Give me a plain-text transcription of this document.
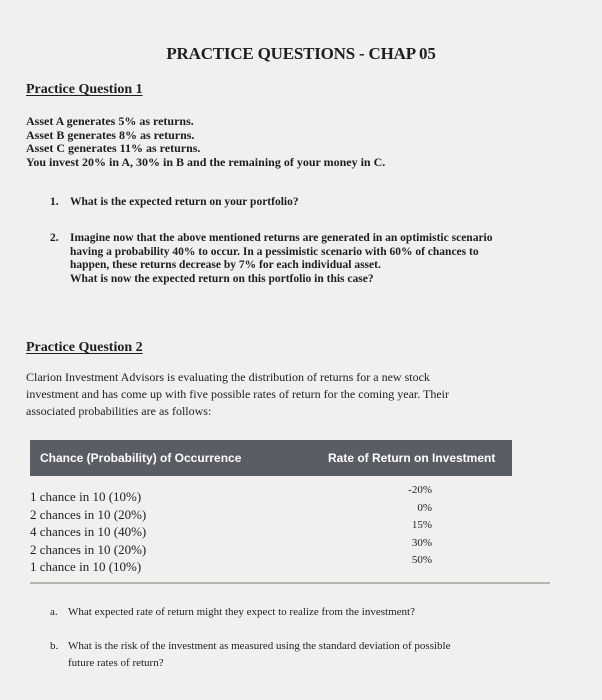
PRACTICE QUESTIONS - CHAP 05
Practice Question 1
Asset A generates 5% as returns.
Asset B generates 8% as returns.
Asset C generates 11% as returns.
You invest 20% in A, 30% in B and the remaining of your money in C.
1. What is the expected return on your portfolio?
2. Imagine now that the above mentioned returns are generated in an optimistic scenario
having a probability 40% to occur. In a pessimistic scenario with 60% of chances to
happen, these returns decrease by 7% for each individual asset.
What is now the expected return on this portfolio in this case?
Practice Question 2
Clarion Investment Advisors is evaluating the distribution of returns for a new stock
investment and has come up with five possible rates of return for the coming year. Their
associated probabilities are as follows:
Chance (Probability) of Occurrence	Rate of Return on Investment
1 chance in 10 (10%)
2 chances in 10 (20%)
4 chances in 10 (40%)
2 chances in 10 (20%)
1 chance in 10 (10%)
-20%
0%
15%
30%
50%
a. What expected rate of return might they expect to realize from the investment?
b. What is the risk of the investment as measured using the standard deviation of possible
future rates of return?
